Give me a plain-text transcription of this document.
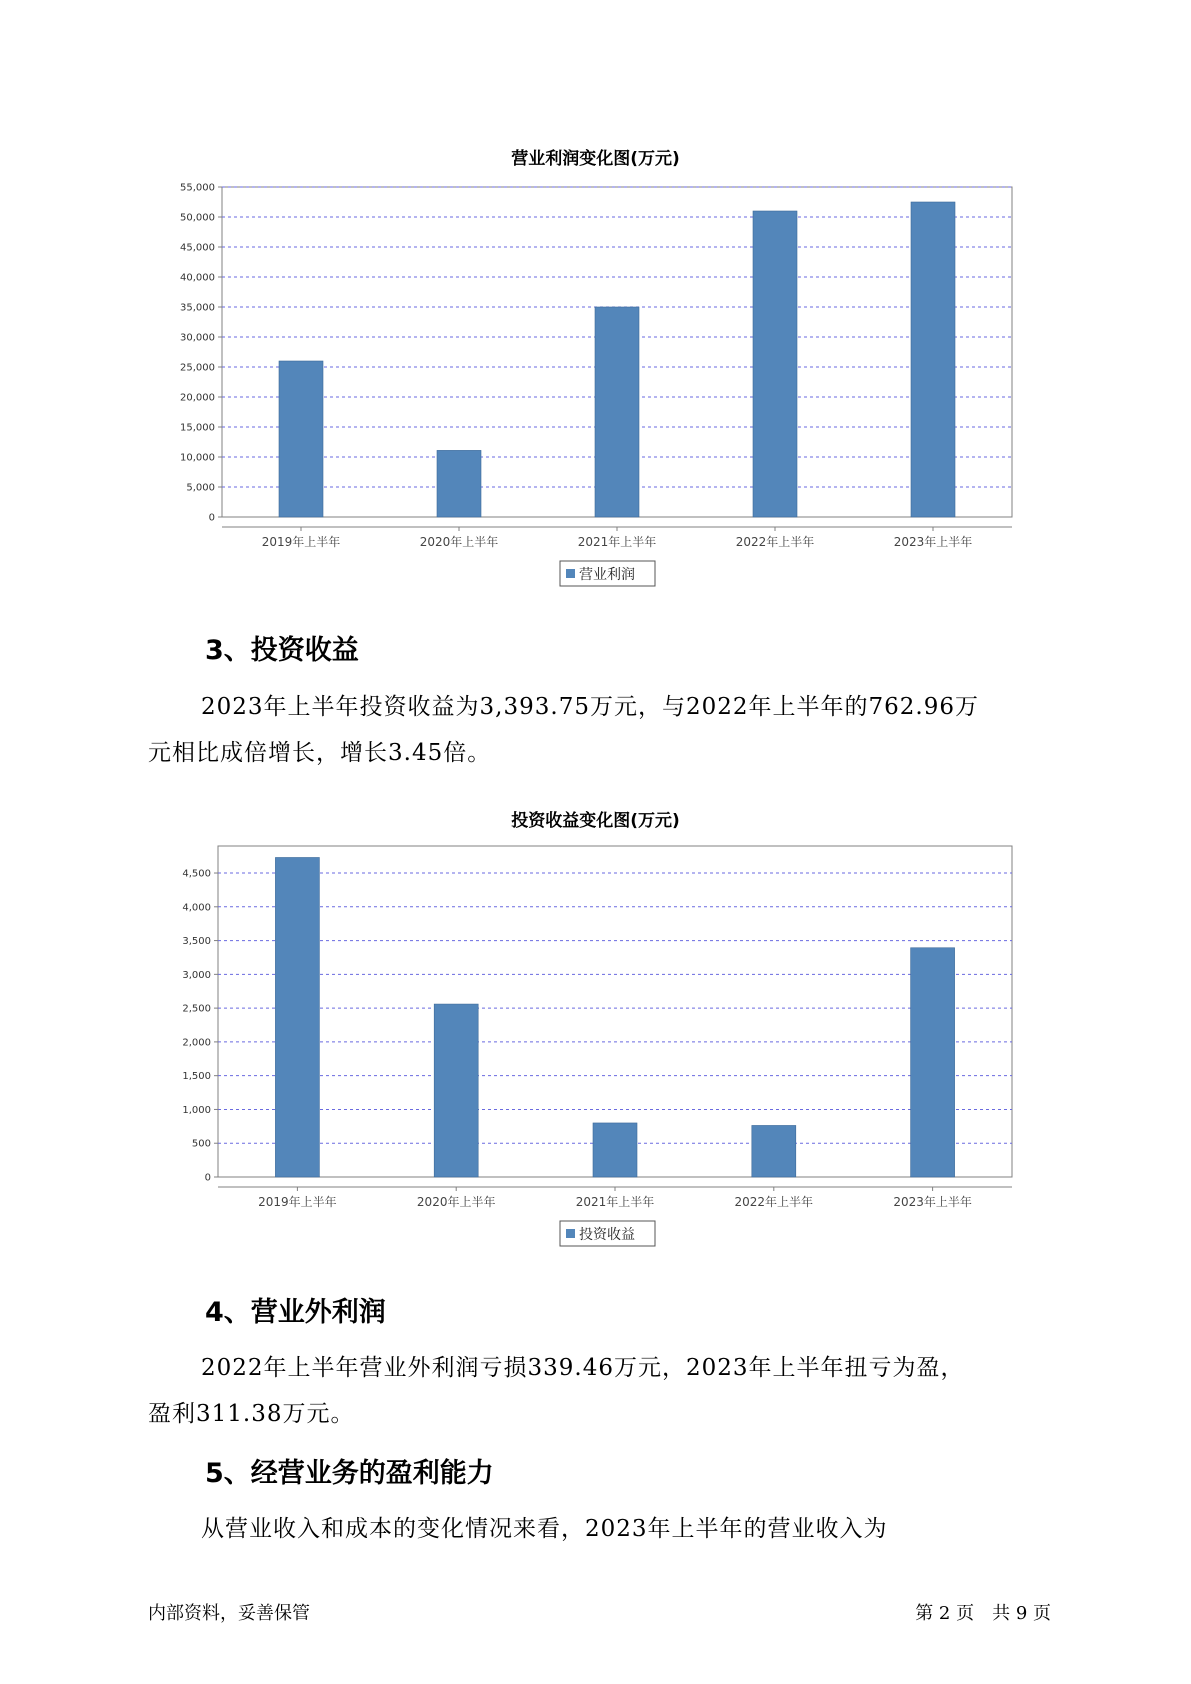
营业利润变化图(万元)
0
5,000
10,000
15,000
20,000
25,000
30,000
35,000
40,000
45,000
50,000
55,000
2019年上半年	2020年上半年	2021年上半年	2022年上半年	2023年上半年
营业利润
3、投资收益
2023年上半年投资收益为3,393.75万元，与2022年上半年的762.96万
元相比成倍增长，增长3.45倍。
投资收益变化图(万元)
0
500
1,000
1,500
2,000
2,500
3,000
3,500
4,000
4,500
2019年上半年	2020年上半年	2021年上半年	2022年上半年	2023年上半年
投资收益
4、营业外利润
2022年上半年营业外利润亏损339.46万元，2023年上半年扭亏为盈，
盈利311.38万元。
5、经营业务的盈利能力
从营业收入和成本的变化情况来看，2023年上半年的营业收入为
内部资料，妥善保管	第 2 页　共 9 页
